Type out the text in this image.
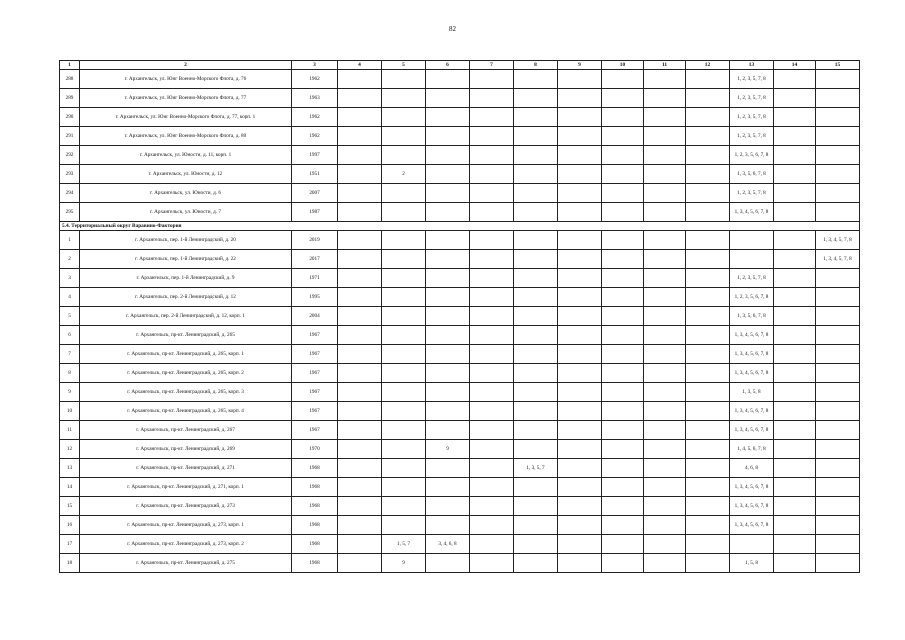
82
1	2	3	4	5	6	7	8	9	10	11	12	13	14	15
288	г. Архангельск, ул. Юнг Военно-Морского Флота, д. 76	1962										1, 2, 3, 5, 7, 8		
289	г. Архангельск, ул. Юнг Военно-Морского Флота, д. 77	1963										1, 2, 3, 5, 7, 8		
290	г. Архангельск, ул. Юнг Военно-Морского Флота, д. 77, корп. 1	1962										1, 2, 3, 5, 7, 8		
291	г. Архангельск, ул. Юнг Военно-Морского Флота, д. 80	1962										1, 2, 3, 5, 7, 8		
292	г. Архангельск, ул. Юности, д. 11, корп. 1	1997										1, 2, 3, 5, 6, 7, 8		
293	г. Архангельск, ул. Юности, д. 12	1951		2								1, 3, 5, 6, 7, 8		
294	г. Архангельск, ул. Юности, д. 6	2007										1, 2, 3, 5, 7, 8		
295	г. Архангельск, ул. Юности, д. 7	1987										1, 3, 4, 5, 6, 7, 8		
5.4. Территориальный округ Варавино-Фактория														
1	г. Архангельск, пер. 1-й Ленинградский, д. 20	2019												1, 3, 4, 5, 7, 8
2	г. Архангельск, пер. 1-й Ленинградский, д. 22	2017												1, 3, 4, 5, 7, 8
3	г. Архангельск, пер. 1-й Ленинградский, д. 9	1971										1, 2, 3, 5, 7, 8		
4	г. Архангельск, пер. 2-й Ленинградский, д. 12	1995										1, 2, 3, 5, 6, 7, 8		
5	г. Архангельск, пер. 2-й Ленинградский, д. 12, корп. 1	2004										1, 3, 5, 6, 7, 8		
6	г. Архангельск, пр-кт. Ленинградский, д. 265	1967										1, 3, 4, 5, 6, 7, 8		
7	г. Архангельск, пр-кт. Ленинградский, д. 265, корп. 1	1967										1, 3, 4, 5, 6, 7, 8		
8	г. Архангельск, пр-кт. Ленинградский, д. 265, корп. 2	1967										1, 3, 4, 5, 6, 7, 8		
9	г. Архангельск, пр-кт. Ленинградский, д. 265, корп. 3	1967										1, 3, 5, 8		
10	г. Архангельск, пр-кт. Ленинградский, д. 265, корп. 4	1967										1, 3, 4, 5, 6, 7, 8		
11	г. Архангельск, пр-кт. Ленинградский, д. 267	1967										1, 3, 4, 5, 6, 7, 8		
12	г. Архангельск, пр-кт. Ленинградский, д. 269	1970			9							1, 4, 5, 6, 7, 8		
13	г. Архангельск, пр-кт. Ленинградский, д. 271	1968					1, 3, 5, 7					4, 6, 8		
14	г. Архангельск, пр-кт. Ленинградский, д. 271, корп. 1	1968										1, 3, 4, 5, 6, 7, 8		
15	г. Архангельск, пр-кт. Ленинградский, д. 273	1968										1, 3, 4, 5, 6, 7, 8		
16	г. Архангельск, пр-кт. Ленинградский, д. 273, корп. 1	1968										1, 3, 4, 5, 6, 7, 8		
17	г. Архангельск, пр-кт. Ленинградский, д. 273, корп. 2	1968		1, 5, 7	3, 4, 6, 8									
18	г. Архангельск, пр-кт. Ленинградский, д. 275	1968		9								1, 5, 8		
